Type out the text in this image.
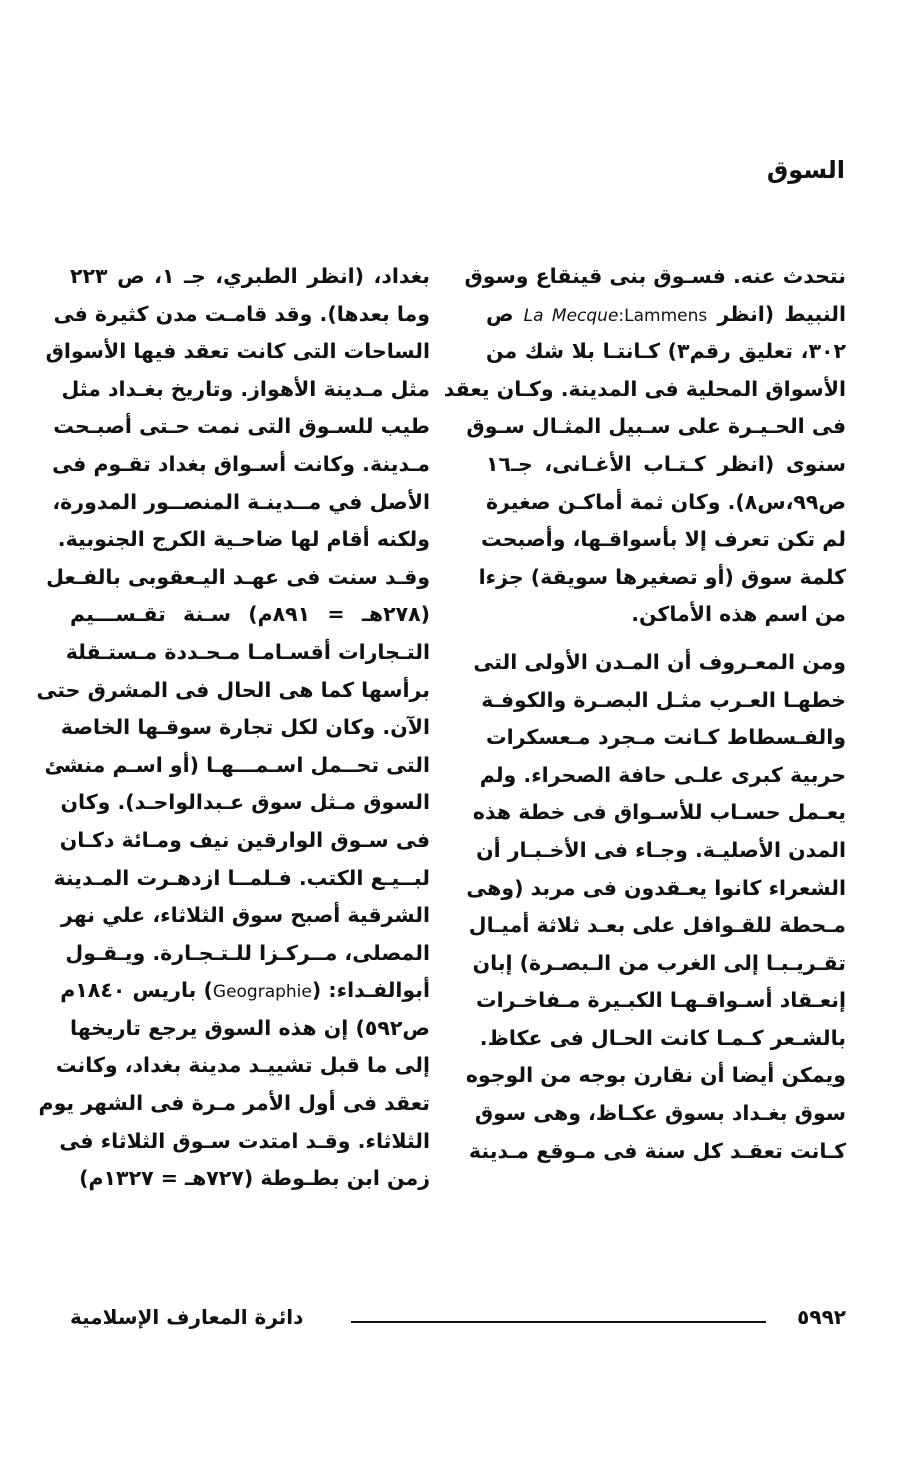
السوق
نتحدث عنه. فسـوق بنى قينقاع وسوق
النبيط (انظر La Mecque:Lammens ص
٣٠٢، تعليق رقم٣) كـانتـا بلا شك من
الأسواق المحلية فى المدينة. وكـان يعقد
فى الحـيـرة على سـبيل المثـال سـوق
سنوى (انظر كـتـاب الأغـانى، جـ١٦
ص٩٩،س٨). وكان ثمة أماكـن صغيرة
لم تكن تعرف إلا بأسواقـها، وأصبحت
كلمة سوق (أو تصغيرها سويقة) جزءا
من اسم هذه الأماكن.
ومن المعـروف أن المـدن الأولى التى
خطهـا العـرب مثـل البصـرة والكوفـة
والفـسطاط كـانت مـجرد مـعسكرات
حربية كبرى علـى حافة الصحراء. ولم
يعـمل حسـاب للأسـواق فى خطة هذه
المدن الأصليـة. وجـاء فى الأخـبـار أن
الشعراء كانوا يعـقدون فى مربد (وهى
مـحطة للقـوافل على بعـد ثلاثة أميـال
تقـريـبـا إلى الغرب من الـبصـرة) إبان
إنعـقاد أسـواقـهـا الكبـيرة مـفاخـرات
بالشـعر كـمـا كانت الحـال فى عكاظ.
ويمكن أيضا أن نقارن بوجه من الوجوه
سوق بغـداد بسوق عكـاظ، وهى سوق
كـانت تعقـد كل سنة فى مـوقع مـدينة
بغداد، (انظر الطبري، جـ ١، ص ٢٢٣
وما بعدها). وقد قامـت مدن كثيرة فى
الساحات التى كانت تعقد فيها الأسواق
مثل مـدينة الأهواز. وتاريخ بغـداد مثل
طيب للسـوق التى نمت حـتى أصبـحت
مـدينة. وكانت أسـواق بغداد تقـوم فى
الأصل في مــدينـة المنصــور المدورة،
ولكنه أقام لها ضاحـية الكرج الجنوبية.
وقـد سنت فى عهـد اليـعقوبى بالفـعل
(٢٧٨هـ = ٨٩١م) سـنة تقـســـيم
التـجارات أقسـامـا مـحـددة مـستـقلة
برأسها كما هى الحال فى المشرق حتى
الآن. وكان لكل تجارة سوقـها الخاصة
التى تحــمل اسـمـــهـا (أو اسـم منشئ
السوق مـثل سوق عـبدالواحـد). وكان
فى سـوق الوارقين نيف ومـائة دكـان
لبــيـع الكتب. فـلمــا ازدهـرت المـدينة
الشرقية أصبح سوق الثلاثاء، علي نهر
المصلى، مــركـزا للـتـجـارة. ويـقـول
أبوالفـداء: (Geographie) باريس ١٨٤٠م
ص٥٩٢) إن هذه السوق يرجع تاريخها
إلى ما قبل تشييـد مدينة بغداد، وكانت
تعقد فى أول الأمر مـرة فى الشهر يوم
الثلاثاء. وقـد امتدت سـوق الثلاثاء فى
زمن ابن بطـوطة (٧٢٧هـ = ١٣٢٧م)
٥٩٩٢
دائرة المعارف الإسلامية
